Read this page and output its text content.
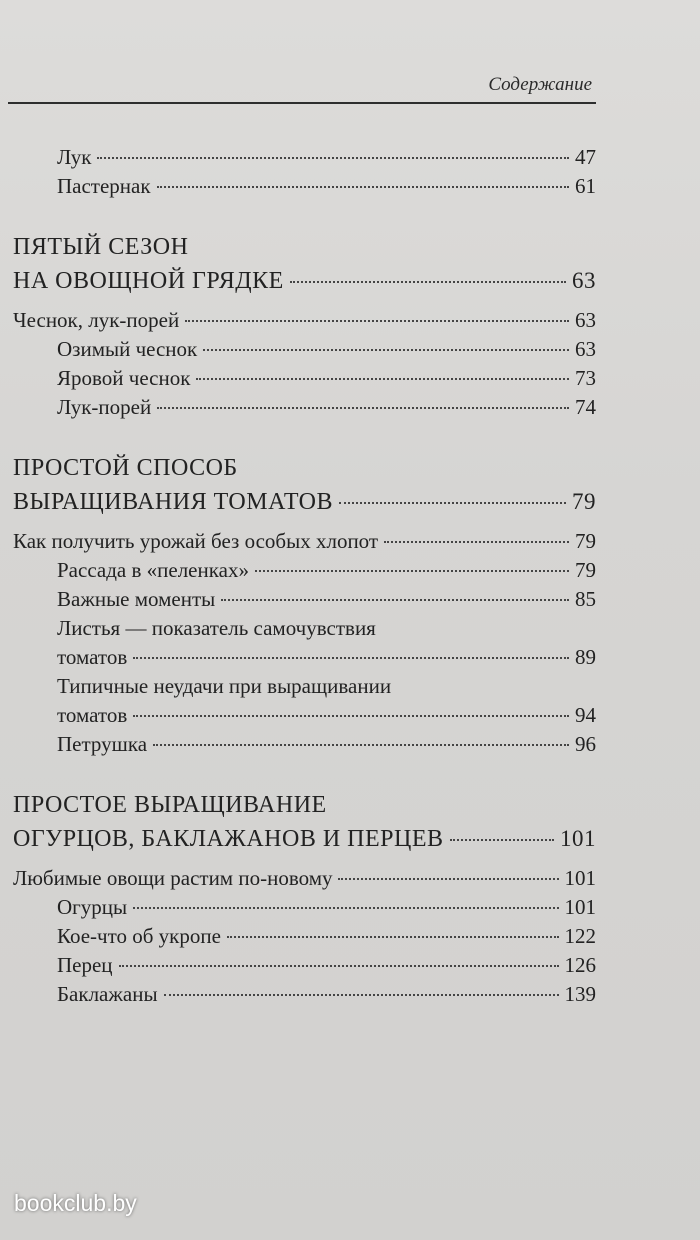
Содержание
Лук	47
Пастернак	61
ПЯТЫЙ СЕЗОН
НА ОВОЩНОЙ ГРЯДКЕ	63
Чеснок, лук-порей	63
Озимый чеснок	63
Яровой чеснок	73
Лук-порей	74
ПРОСТОЙ СПОСОБ
ВЫРАЩИВАНИЯ ТОМАТОВ	79
Как получить урожай без особых хлопот	79
Рассада в «пеленках»	79
Важные моменты	85
Листья — показатель самочувствия
томатов	89
Типичные неудачи при выращивании
томатов	94
Петрушка	96
ПРОСТОЕ ВЫРАЩИВАНИЕ
ОГУРЦОВ, БАКЛАЖАНОВ И ПЕРЦЕВ	101
Любимые овощи растим по-новому	101
Огурцы	101
Кое-что об укропе	122
Перец	126
Баклажаны	139
bookclub.by
